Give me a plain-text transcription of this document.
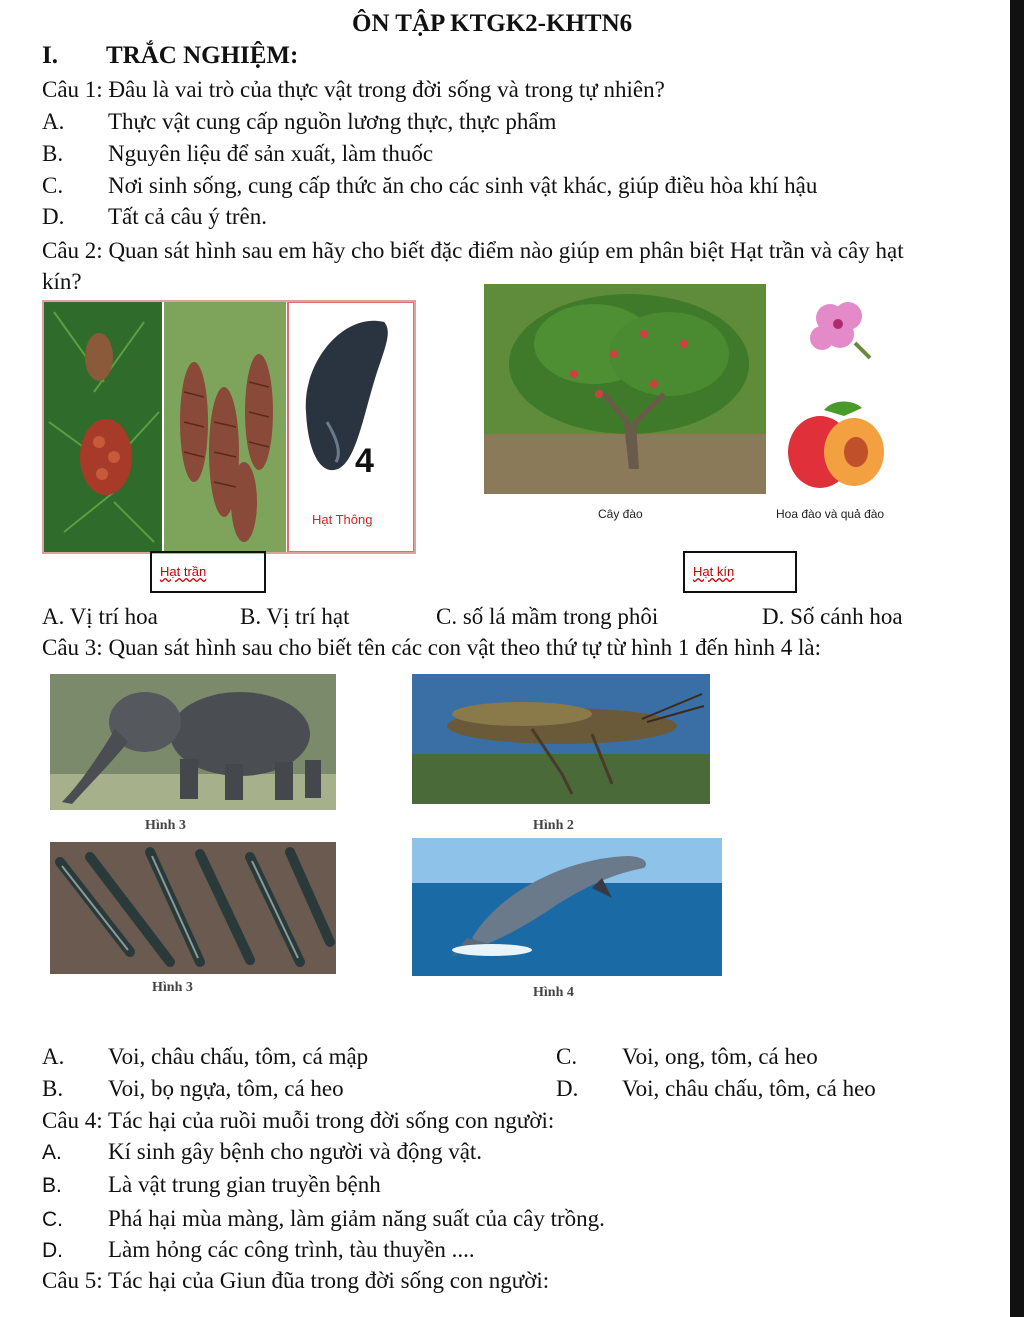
ÔN TẬP KTGK2-KHTN6
I. TRẮC NGHIỆM:
Câu 1: Đâu là vai trò của thực vật trong đời sống và trong tự nhiên?
A. Thực vật cung cấp nguồn lương thực, thực phẩm
B. Nguyên liệu để sản xuất, làm thuốc
C. Nơi sinh sống, cung cấp thức ăn cho các sinh vật khác, giúp điều hòa khí hậu
D. Tất cả câu ý trên.
Câu 2: Quan sát hình sau em hãy cho biết đặc điểm nào giúp em phân biệt Hạt trần và cây hạt
kín?
4
Hạt Thông	Cây đào	Hoa đào và quả đào
Hạt trần	Hạt kín
A. Vị trí hoa	B. Vị trí hạt	C. số lá mầm trong phôi	D. Số cánh hoa
Câu 3: Quan sát hình sau cho biết tên các con vật theo thứ tự từ hình 1 đến hình 4 là:
Hình 3	Hình 2
Hình 3	Hình 4
A. Voi, châu chấu, tôm, cá mập	C. Voi, ong, tôm, cá heo
B. Voi, bọ ngựa, tôm, cá heo	D. Voi, châu chấu, tôm, cá heo
Câu 4: Tác hại của ruồi muỗi trong đời sống con người:
A. Kí sinh gây bệnh cho người và động vật.
B. Là vật trung gian truyền bệnh
C. Phá hại mùa màng, làm giảm năng suất của cây trồng.
D. Làm hỏng các công trình, tàu thuyền ....
Câu 5: Tác hại của Giun đũa trong đời sống con người:
